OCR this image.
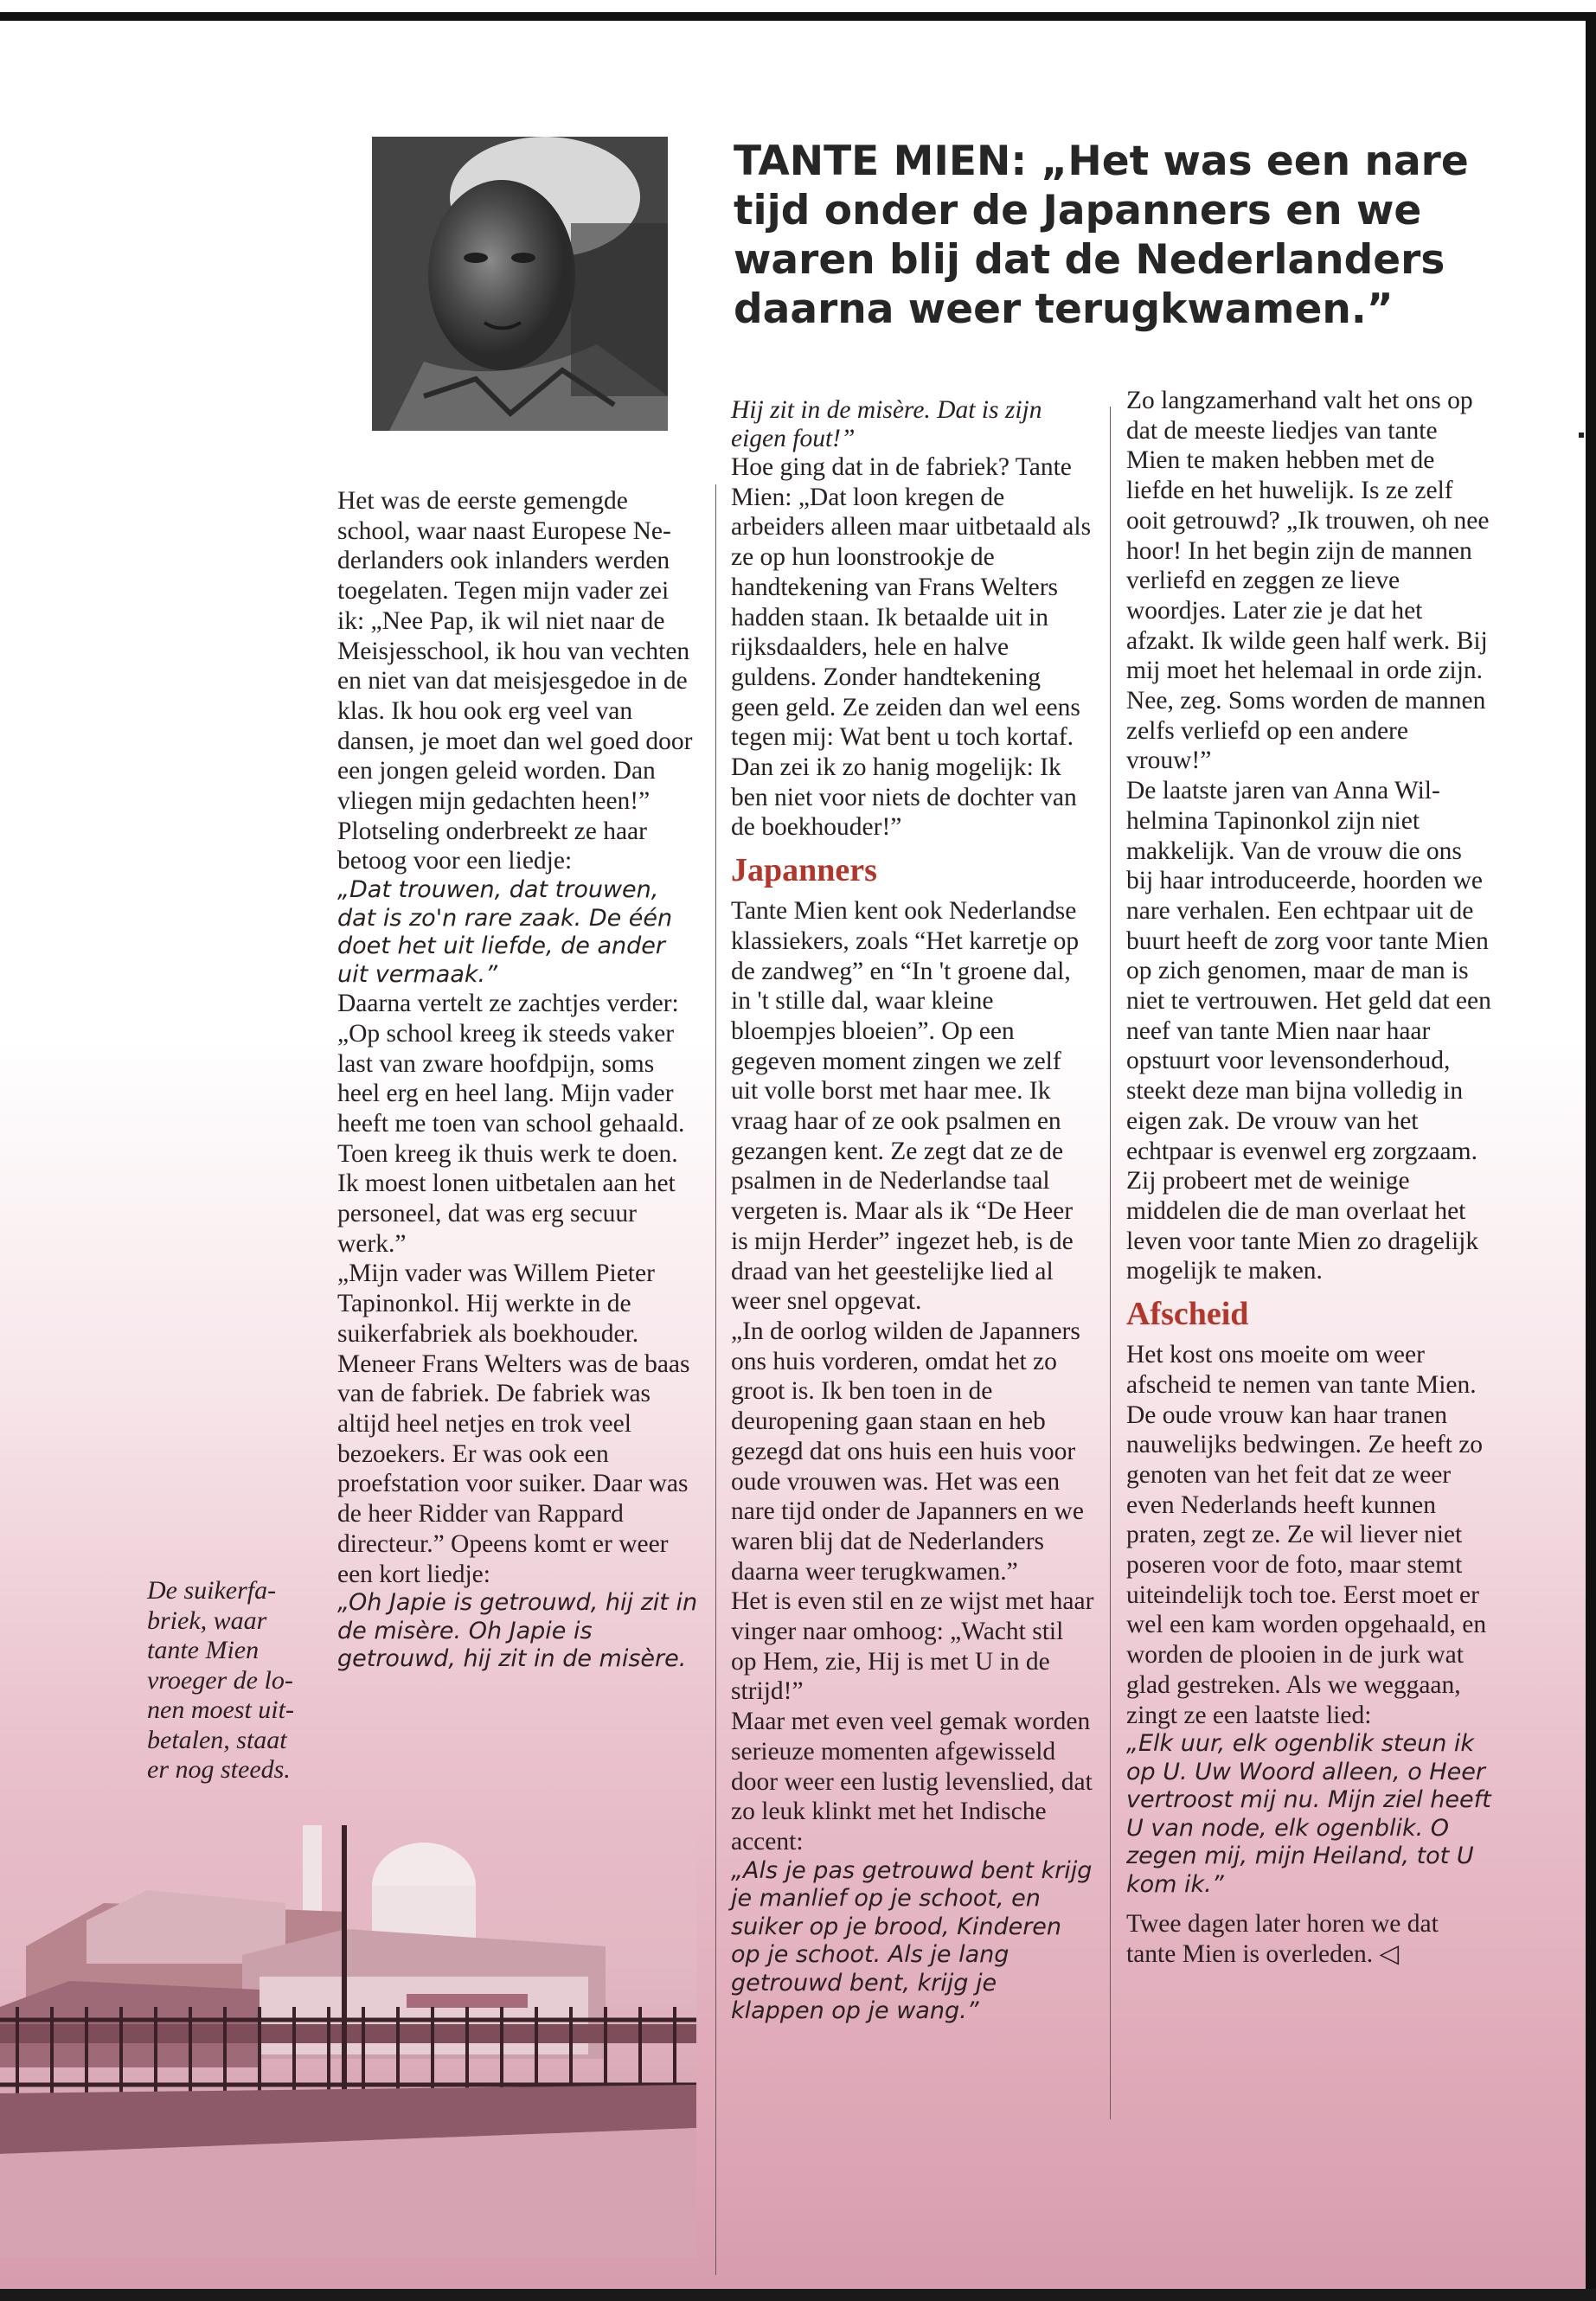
TANTE MIEN: „Het was een nare tijd onder de Japanners en we waren blij dat de Nederlanders daarna weer terugkwamen.”

Het was de eerste gemengde school, waar naast Europese Nederlanders ook inlanders werden toegelaten. Tegen mijn vader zei ik: „Nee Pap, ik wil niet naar de Meisjesschool, ik hou van vechten en niet van dat meisjesgedoe in de klas. Ik hou ook erg veel van dansen, je moet dan wel goed door een jongen geleid worden. Dan vliegen mijn gedachten heen!” Plotseling onderbreekt ze haar betoog voor een liedje:

„Dat trouwen, dat trouwen, dat is zo'n rare zaak. De één doet het uit liefde, de ander uit vermaak.”

Daarna vertelt ze zachtjes verder:

„Op school kreeg ik steeds vaker last van zware hoofdpijn, soms heel erg en heel lang. Mijn vader heeft me toen van school gehaald. Toen kreeg ik thuis werk te doen. Ik moest lonen uitbetalen aan het personeel, dat was erg secuur werk.”

„Mijn vader was Willem Pieter Tapinonkol. Hij werkte in de suikerfabriek als boekhouder. Meneer Frans Welters was de baas van de fabriek. De fabriek was altijd heel netjes en trok veel bezoekers. Er was ook een proefstation voor suiker. Daar was de heer Ridder van Rappard directeur.” Opeens komt er weer een kort liedje:

„Oh Japie is getrouwd, hij zit in de misère. Oh Japie is getrouwd, hij zit in de misère.

Hij zit in de misère. Dat is zijn eigen fout!”

Hoe ging dat in de fabriek? Tante Mien: „Dat loon kregen de arbeiders alleen maar uitbetaald als ze op hun loonstrookje de handtekening van Frans Welters hadden staan. Ik betaalde uit in rijksdaalders, hele en halve guldens. Zonder handtekening geen geld. Ze zeiden dan wel eens tegen mij: Wat bent u toch kortaf. Dan zei ik zo hanig mogelijk: Ik ben niet voor niets de dochter van de boekhouder!”

Japanners

Tante Mien kent ook Nederlandse klassiekers, zoals “Het karretje op de zandweg” en “In 't groene dal, in 't stille dal, waar kleine bloempjes bloeien”. Op een gegeven moment zingen we zelf uit volle borst met haar mee. Ik vraag haar of ze ook psalmen en gezangen kent. Ze zegt dat ze de psalmen in de Nederlandse taal vergeten is. Maar als ik “De Heer is mijn Herder” ingezet heb, is de draad van het geestelijke lied al weer snel opgevat.

„In de oorlog wilden de Japanners ons huis vorderen, omdat het zo groot is. Ik ben toen in de deuropening gaan staan en heb gezegd dat ons huis een huis voor oude vrouwen was. Het was een nare tijd onder de Japanners en we waren blij dat de Nederlanders daarna weer terugkwamen.”

Het is even stil en ze wijst met haar vinger naar omhoog: „Wacht stil op Hem, zie, Hij is met U in de strijd!”

Maar met even veel gemak worden serieuze momenten afgewisseld door weer een lustig levenslied, dat zo leuk klinkt met het Indische accent:

„Als je pas getrouwd bent krijg je manlief op je schoot, en suiker op je brood, Kinderen op je schoot. Als je lang getrouwd bent, krijg je klappen op je wang.”

Zo langzamerhand valt het ons op dat de meeste liedjes van tante Mien te maken hebben met de liefde en het huwelijk. Is ze zelf ooit getrouwd? „Ik trouwen, oh nee hoor! In het begin zijn de mannen verliefd en zeggen ze lieve woordjes. Later zie je dat het afzakt. Ik wilde geen half werk. Bij mij moet het helemaal in orde zijn. Nee, zeg. Soms worden de mannen zelfs verliefd op een andere vrouw!”

De laatste jaren van Anna Wilhelmina Tapinonkol zijn niet makkelijk. Van de vrouw die ons bij haar introduceerde, hoorden we nare verhalen. Een echtpaar uit de buurt heeft de zorg voor tante Mien op zich genomen, maar de man is niet te vertrouwen. Het geld dat een neef van tante Mien naar haar opstuurt voor levensonderhoud, steekt deze man bijna volledig in eigen zak. De vrouw van het echtpaar is evenwel erg zorgzaam. Zij probeert met de weinige middelen die de man overlaat het leven voor tante Mien zo dragelijk mogelijk te maken.

Afscheid

Het kost ons moeite om weer afscheid te nemen van tante Mien. De oude vrouw kan haar tranen nauwelijks bedwingen. Ze heeft zo genoten van het feit dat ze weer even Nederlands heeft kunnen praten, zegt ze. Ze wil liever niet poseren voor de foto, maar stemt uiteindelijk toch toe. Eerst moet er wel een kam worden opgehaald, en worden de plooien in de jurk wat glad gestreken. Als we weggaan, zingt ze een laatste lied:

„Elk uur, elk ogenblik steun ik op U. Uw Woord alleen, o Heer vertroost mij nu. Mijn ziel heeft U van node, elk ogenblik. O zegen mij, mijn Heiland, tot U kom ik.”

Twee dagen later horen we dat tante Mien is overleden. ◁

De suikerfabriek, waar tante Mien vroeger de lonen moest uitbetalen, staat er nog steeds.
